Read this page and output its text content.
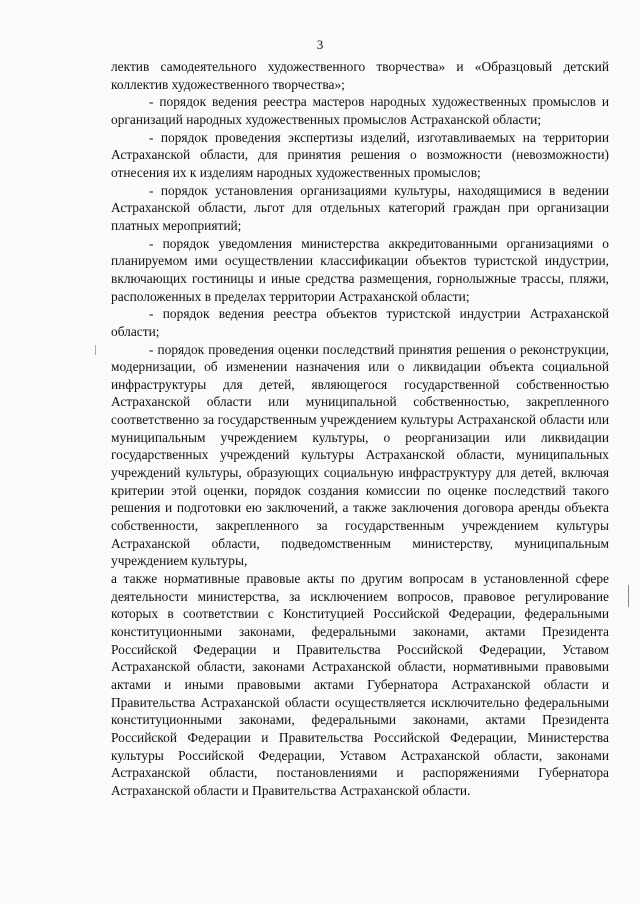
3

лектив самодеятельного художественного творчества» и «Образцовый детский коллектив художественного творчества»;

- порядок ведения реестра мастеров народных художественных промыслов и организаций народных художественных промыслов Астраханской области;

- порядок проведения экспертизы изделий, изготавливаемых на территории Астраханской области, для принятия решения о возможности (невозможности) отнесения их к изделиям народных художественных промыслов;

- порядок установления организациями культуры, находящимися в ведении Астраханской области, льгот для отдельных категорий граждан при организации платных мероприятий;

- порядок уведомления министерства аккредитованными организациями о планируемом ими осуществлении классификации объектов туристской индустрии, включающих гостиницы и иные средства размещения, горнолыжные трассы, пляжи, расположенных в пределах территории Астраханской области;

- порядок ведения реестра объектов туристской индустрии Астраханской области;

- порядок проведения оценки последствий принятия решения о реконструкции, модернизации, об изменении назначения или о ликвидации объекта социальной инфраструктуры для детей, являющегося государственной собственностью Астраханской области или муниципальной собственностью, закрепленного соответственно за государственным учреждением культуры Астраханской области или муниципальным учреждением культуры, о реорганизации или ликвидации государственных учреждений культуры Астраханской области, муниципальных учреждений культуры, образующих социальную инфраструктуру для детей, включая критерии этой оценки, порядок создания комиссии по оценке последствий такого решения и подготовки ею заключений, а также заключения договора аренды объекта собственности, закрепленного за государственным учреждением культуры Астраханской области, подведомственным министерству, муниципальным учреждением культуры,

а также нормативные правовые акты по другим вопросам в установленной сфере деятельности министерства, за исключением вопросов, правовое регулирование которых в соответствии с Конституцией Российской Федерации, федеральными конституционными законами, федеральными законами, актами Президента Российской Федерации и Правительства Российской Федерации, Уставом Астраханской области, законами Астраханской области, нормативными правовыми актами и иными правовыми актами Губернатора Астраханской области и Правительства Астраханской области осуществляется исключительно федеральными конституционными законами, федеральными законами, актами Президента Российской Федерации и Правительства Российской Федерации, Министерства культуры Российской Федерации, Уставом Астраханской области, законами Астраханской области, постановлениями и распоряжениями Губернатора Астраханской области и Правительства Астраханской области.
